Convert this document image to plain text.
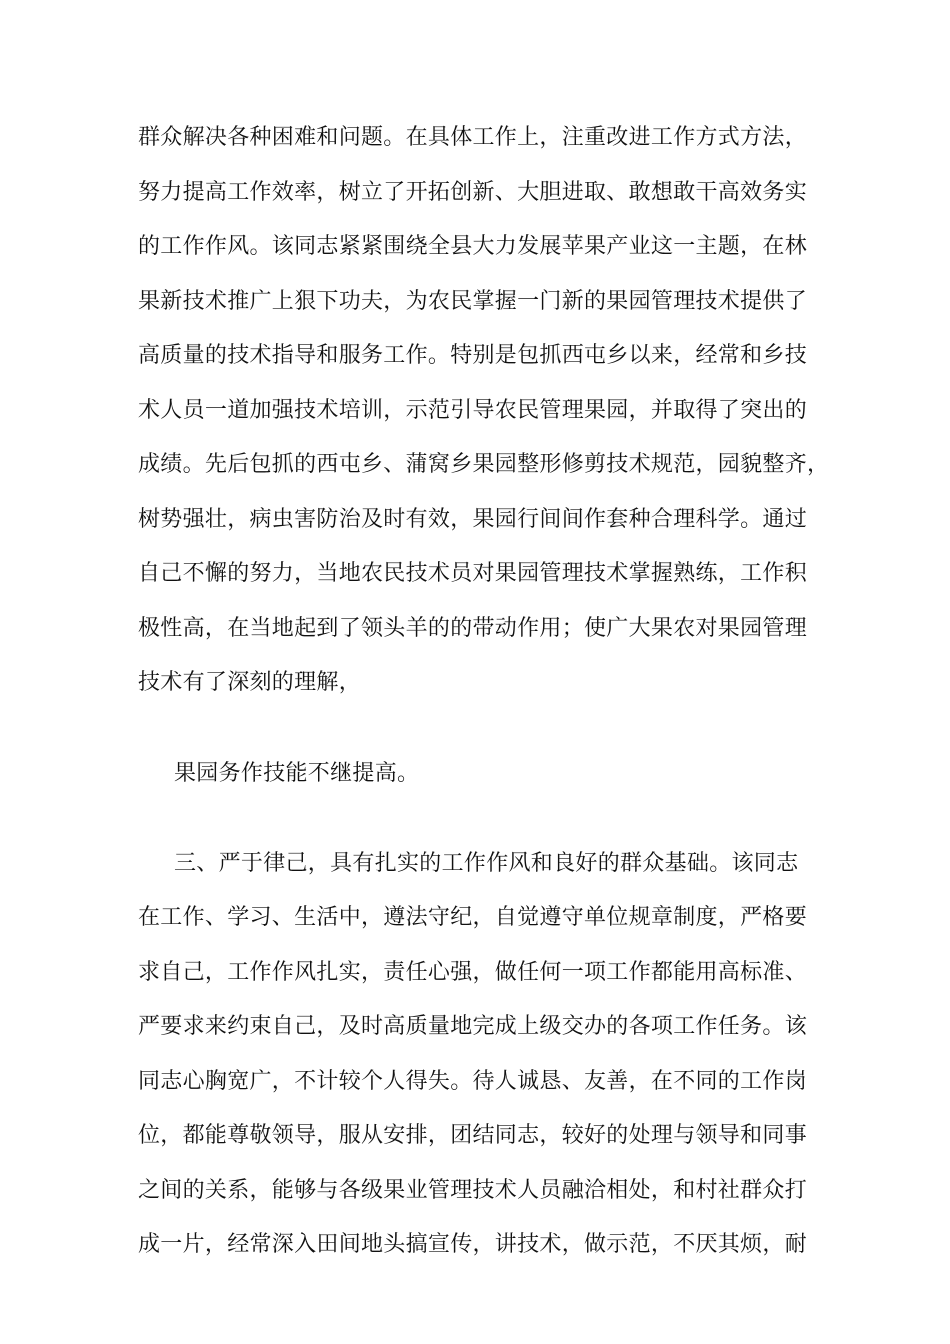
群众解决各种困难和问题。在具体工作上，注重改进工作方式方法，
努力提高工作效率，树立了开拓创新、大胆进取、敢想敢干高效务实
的工作作风。该同志紧紧围绕全县大力发展苹果产业这一主题，在林
果新技术推广上狠下功夫，为农民掌握一门新的果园管理技术提供了
高质量的技术指导和服务工作。特别是包抓西屯乡以来，经常和乡技
术人员一道加强技术培训，示范引导农民管理果园，并取得了突出的
成绩。先后包抓的西屯乡、蒲窝乡果园整形修剪技术规范，园貌整齐，
树势强壮，病虫害防治及时有效，果园行间间作套种合理科学。通过
自己不懈的努力，当地农民技术员对果园管理技术掌握熟练，工作积
极性高，在当地起到了领头羊的的带动作用；使广大果农对果园管理
技术有了深刻的理解，
果园务作技能不继提高。
三、严于律己，具有扎实的工作作风和良好的群众基础。该同志
在工作、学习、生活中，遵法守纪，自觉遵守单位规章制度，严格要
求自己，工作作风扎实，责任心强，做任何一项工作都能用高标准、
严要求来约束自己，及时高质量地完成上级交办的各项工作任务。该
同志心胸宽广，不计较个人得失。待人诚恳、友善，在不同的工作岗
位，都能尊敬领导，服从安排，团结同志，较好的处理与领导和同事
之间的关系，能够与各级果业管理技术人员融洽相处，和村社群众打
成一片，经常深入田间地头搞宣传，讲技术，做示范，不厌其烦，耐
